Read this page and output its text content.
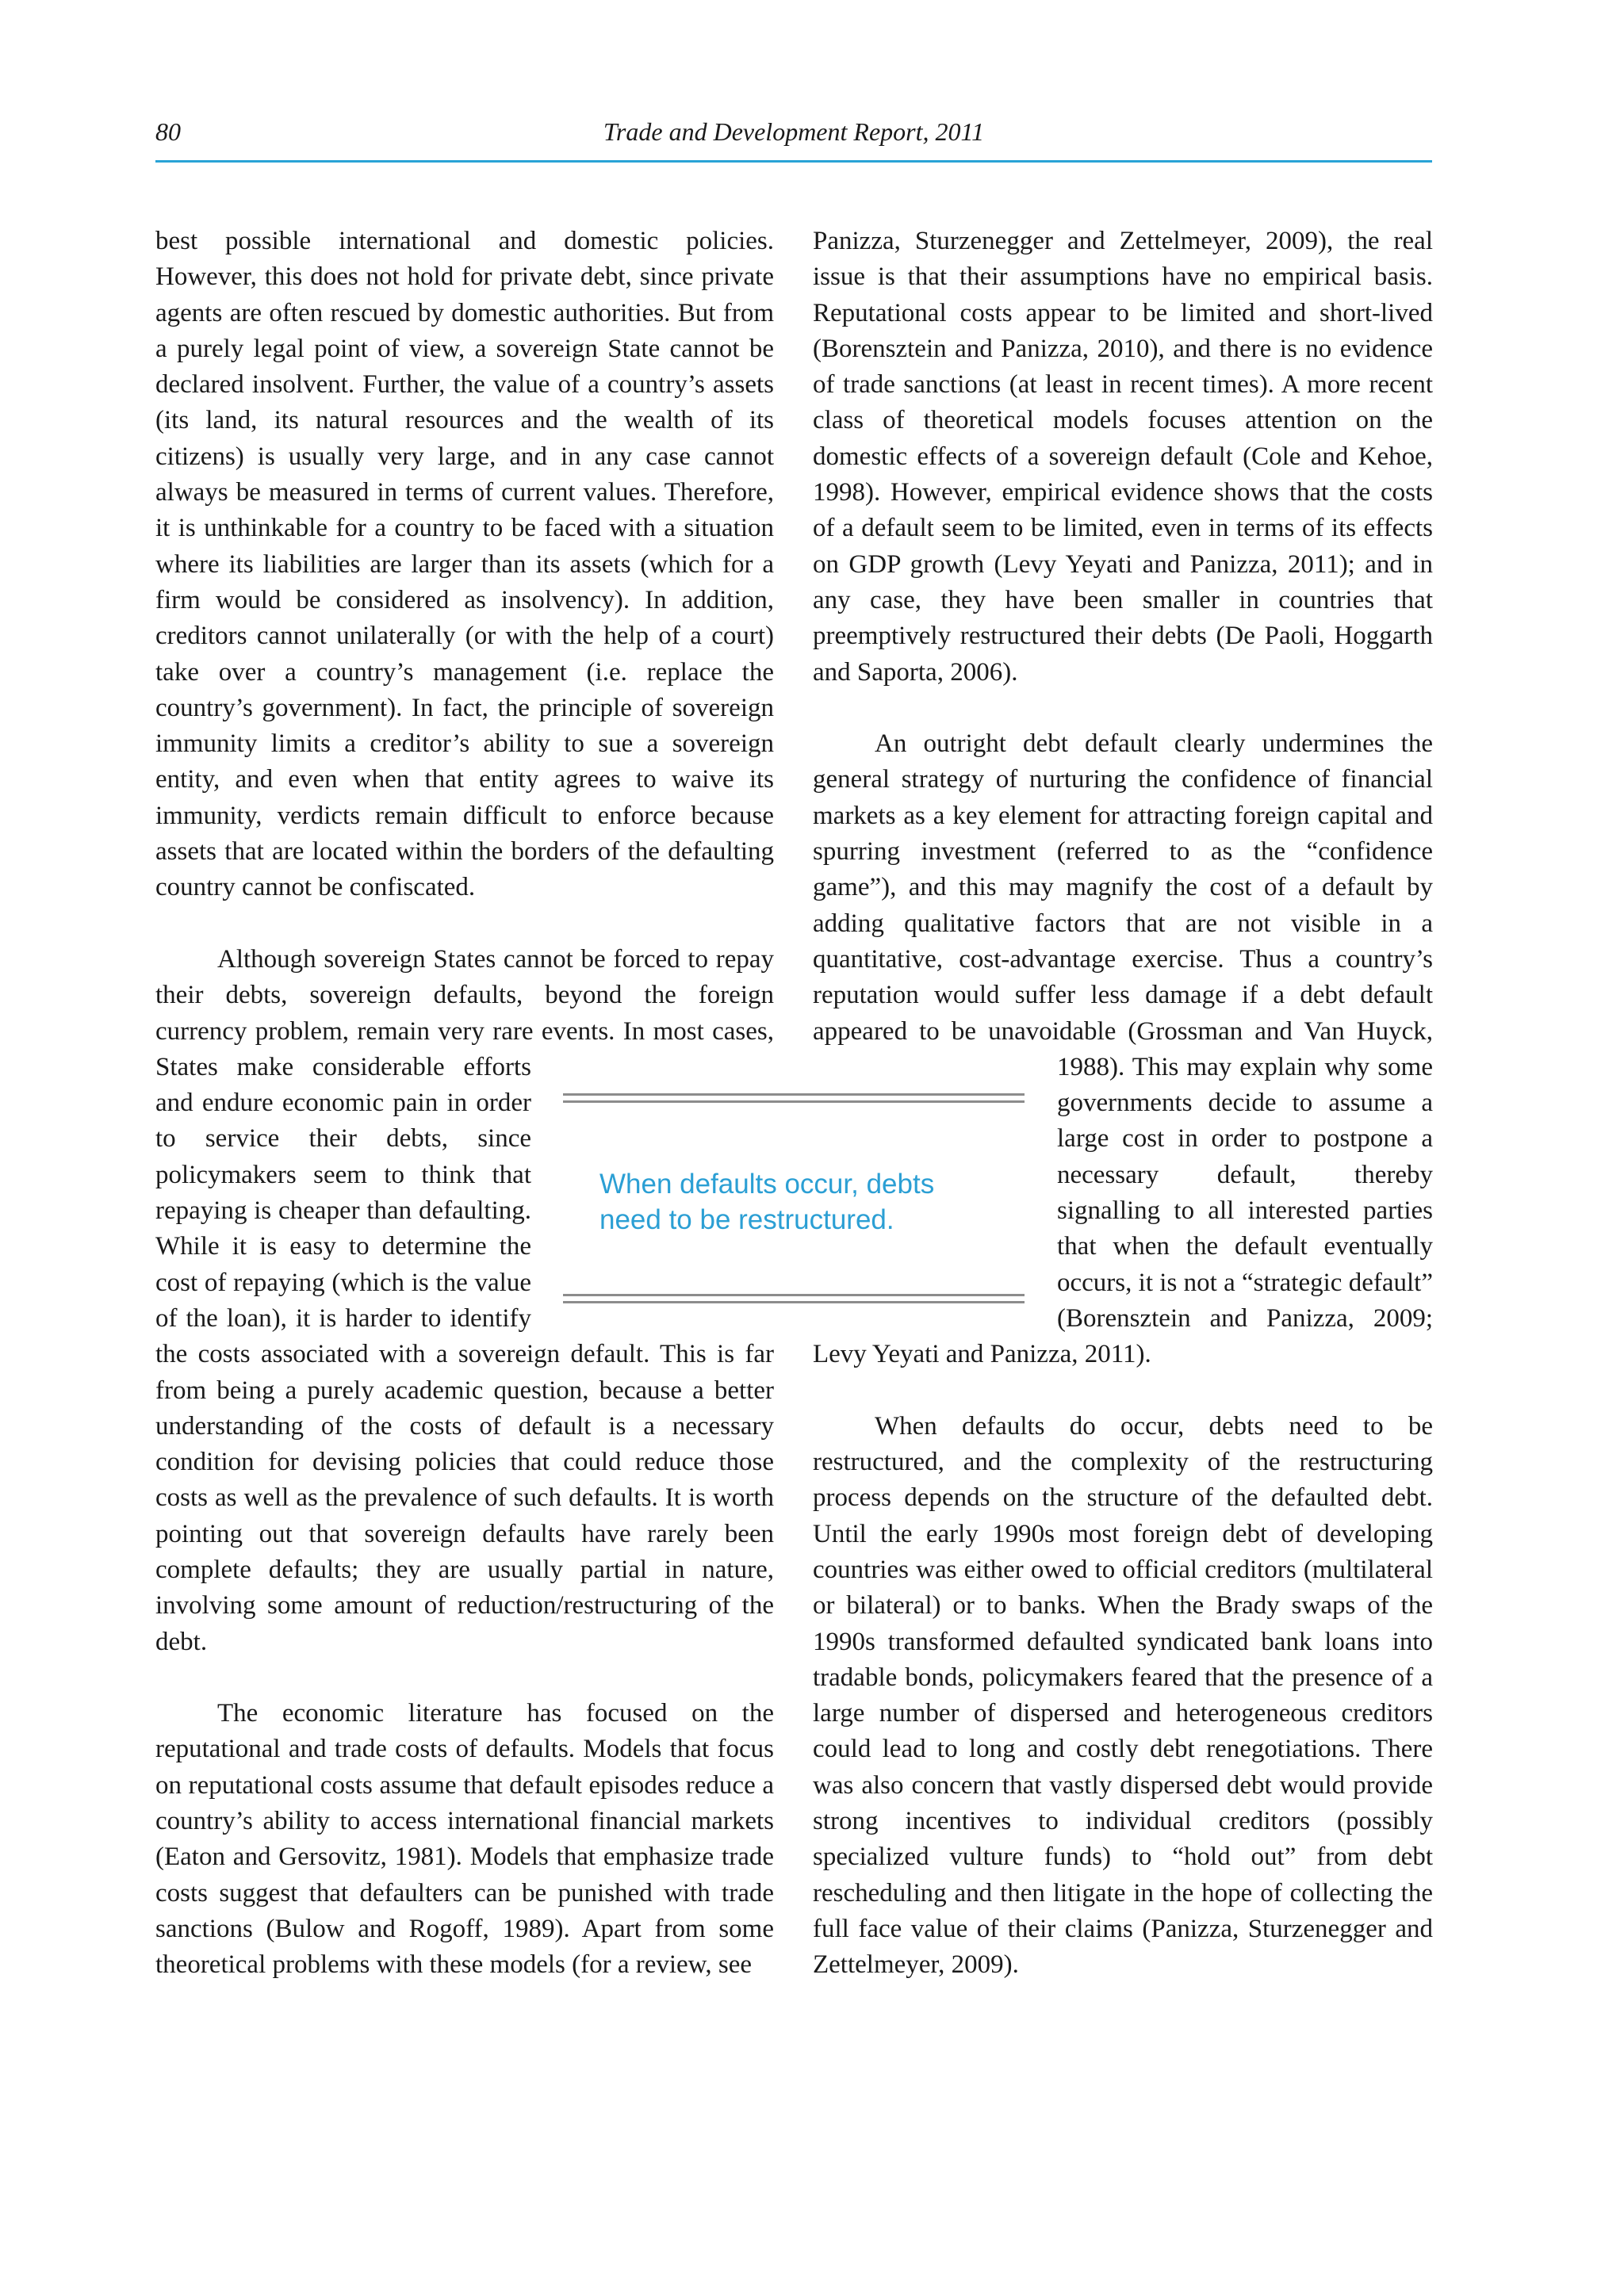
80	Trade and Development Report, 2011

best possible international and domestic policies. However, this does not hold for private debt, since private agents are often rescued by domestic authorities. But from a purely legal point of view, a sovereign State cannot be declared insolvent. Further, the value of a country’s assets (its land, its natural resources and the wealth of its citizens) is usually very large, and in any case cannot always be measured in terms of current values. Therefore, it is unthinkable for a country to be faced with a situation where its liabilities are larger than its assets (which for a firm would be considered as insolvency). In addition, creditors cannot unilaterally (or with the help of a court) take over a country’s management (i.e. replace the country’s government). In fact, the principle of sovereign immunity limits a creditor’s ability to sue a sovereign entity, and even when that entity agrees to waive its immunity, verdicts remain difficult to enforce because assets that are located within the borders of the defaulting country cannot be confiscated.

Although sovereign States cannot be forced to repay their debts, sovereign defaults, beyond the foreign currency problem, remain very rare events. In most cases, States make considerable efforts and endure economic pain in order to service their debts, since policymakers seem to think that repaying is cheaper than defaulting. While it is easy to determine the cost of repaying (which is the value of the loan), it is harder to identify the costs associated with a sovereign default. This is far from being a purely academic question, because a better understanding of the costs of default is a necessary condition for devising policies that could reduce those costs as well as the prevalence of such defaults. It is worth pointing out that sovereign defaults have rarely been complete defaults; they are usually partial in nature, involving some amount of reduction/restructuring of the debt.

The economic literature has focused on the reputational and trade costs of defaults. Models that focus on reputational costs assume that default episodes reduce a country’s ability to access international financial markets (Eaton and Gersovitz, 1981). Models that emphasize trade costs suggest that defaulters can be punished with trade sanctions (Bulow and Rogoff, 1989). Apart from some theoretical problems with these models (for a review, see

Panizza, Sturzenegger and Zettelmeyer, 2009), the real issue is that their assumptions have no empirical basis. Reputational costs appear to be limited and short-lived (Borensztein and Panizza, 2010), and there is no evidence of trade sanctions (at least in recent times). A more recent class of theoretical models focuses attention on the domestic effects of a sovereign default (Cole and Kehoe, 1998). However, empirical evidence shows that the costs of a default seem to be limited, even in terms of its effects on GDP growth (Levy Yeyati and Panizza, 2011); and in any case, they have been smaller in countries that preemptively restructured their debts (De Paoli, Hoggarth and Saporta, 2006).

An outright debt default clearly undermines the general strategy of nurturing the confidence of financial markets as a key element for attracting foreign capital and spurring investment (referred to as the “confidence game”), and this may magnify the cost of a default by adding qualitative factors that are not visible in a quantitative, cost-advantage exercise. Thus a country’s reputation would suffer less damage if a debt default appeared to be unavoidable (Grossman and Van Huyck, 1988). This may explain why some governments decide to assume a large cost in order to postpone a necessary default, thereby signalling to all interested parties that when the default eventually occurs, it is not a “strategic default” (Borensztein and Panizza, 2009; Levy Yeyati and Panizza, 2011).

When defaults do occur, debts need to be restructured, and the complexity of the restructuring process depends on the structure of the defaulted debt. Until the early 1990s most foreign debt of developing countries was either owed to official creditors (multilateral or bilateral) or to banks. When the Brady swaps of the 1990s transformed defaulted syndicated bank loans into tradable bonds, policymakers feared that the presence of a large number of dispersed and heterogeneous creditors could lead to long and costly debt renegotiations. There was also concern that vastly dispersed debt would provide strong incentives to individual creditors (possibly specialized vulture funds) to “hold out” from debt rescheduling and then litigate in the hope of collecting the full face value of their claims (Panizza, Sturzenegger and Zettelmeyer, 2009).

When defaults occur, debts need to be restructured.
